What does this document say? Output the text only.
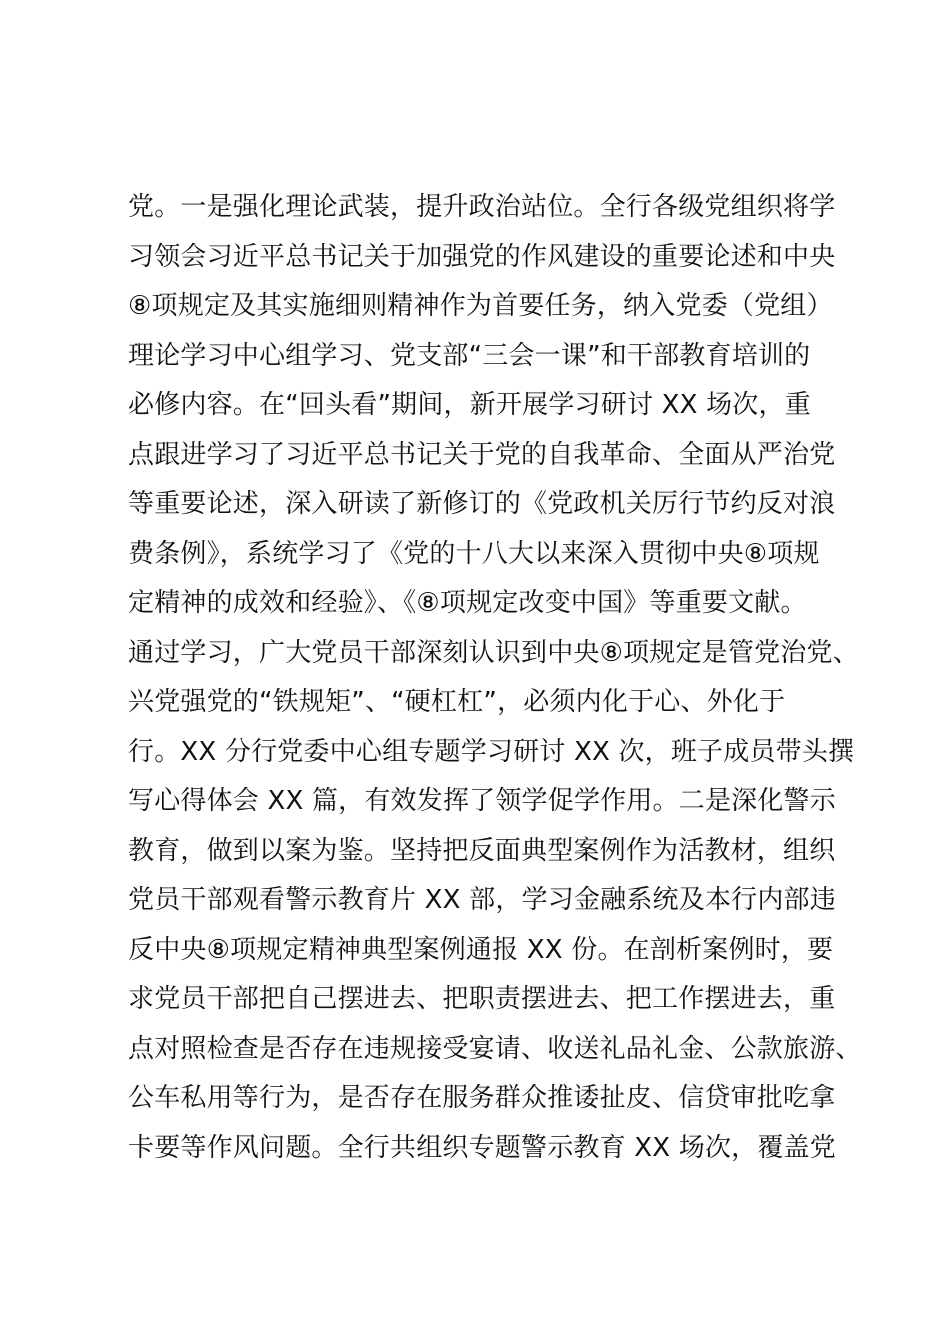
党。一是强化理论武装，提升政治站位。全行各级党组织将学
习领会习近平总书记关于加强党的作风建设的重要论述和中央
⑧项规定及其实施细则精神作为首要任务，纳入党委（党组）
理论学习中心组学习、党支部“三会一课”和干部教育培训的
必修内容。在“回头看”期间，新开展学习研讨 XX 场次，重
点跟进学习了习近平总书记关于党的自我革命、全面从严治党
等重要论述，深入研读了新修订的《党政机关厉行节约反对浪
费条例》，系统学习了《党的十八大以来深入贯彻中央⑧项规
定精神的成效和经验》、《⑧项规定改变中国》等重要文献。
通过学习，广大党员干部深刻认识到中央⑧项规定是管党治党、
兴党强党的“铁规矩”、“硬杠杠”，必须内化于心、外化于
行。XX 分行党委中心组专题学习研讨 XX 次，班子成员带头撰
写心得体会 XX 篇，有效发挥了领学促学作用。二是深化警示
教育，做到以案为鉴。坚持把反面典型案例作为活教材，组织
党员干部观看警示教育片 XX 部，学习金融系统及本行内部违
反中央⑧项规定精神典型案例通报 XX 份。在剖析案例时，要
求党员干部把自己摆进去、把职责摆进去、把工作摆进去，重
点对照检查是否存在违规接受宴请、收送礼品礼金、公款旅游、
公车私用等行为，是否存在服务群众推诿扯皮、信贷审批吃拿
卡要等作风问题。全行共组织专题警示教育 XX 场次，覆盖党
